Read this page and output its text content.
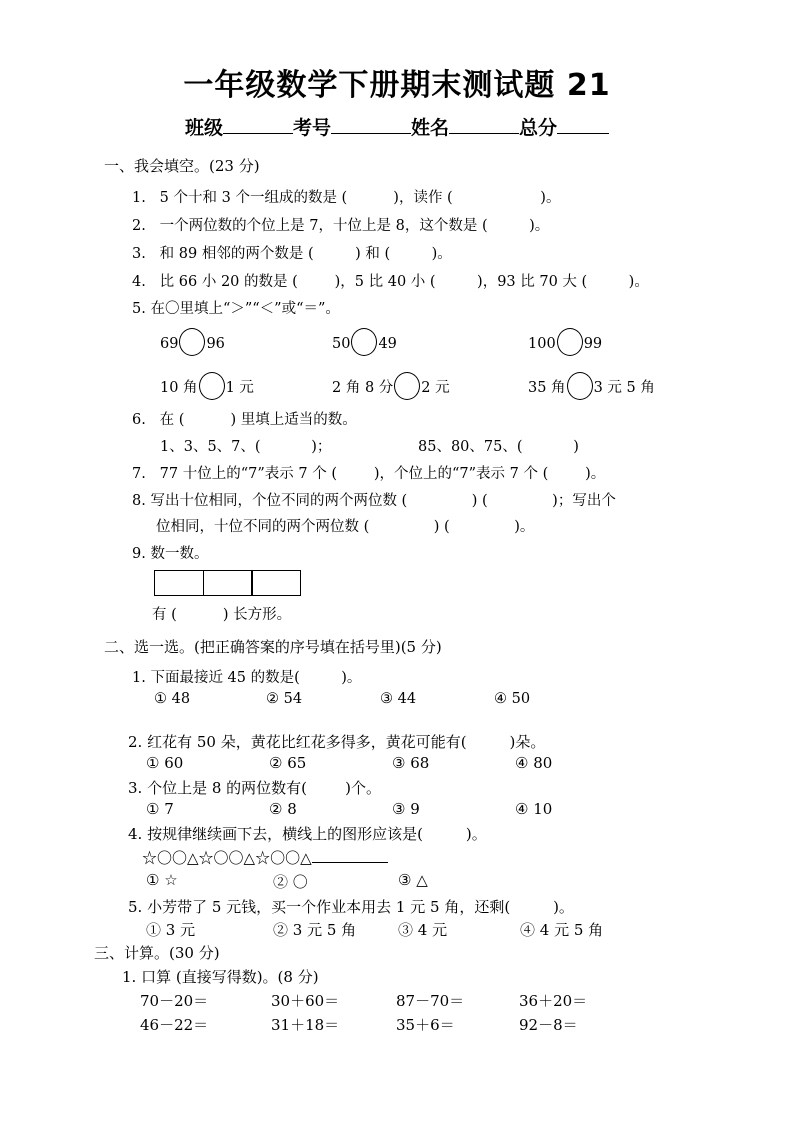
一年级数学下册期末测试题 21
班级	考号	姓名	总分
一、我会填空。(23 分)
1.   5 个十和 3 个一组成的数是 (          )，读作 (                   )。
2.   一个两位数的个位上是 7，十位上是 8，这个数是 (         )。
3.   和 89 相邻的两个数是 (         ) 和 (         )。
4.   比 66 小 20 的数是 (        )，5 比 40 小 (         )，93 比 70 大 (         )。
5. 在〇里填上“＞”“＜”或“＝”。
69 96	50 49	100 99
10 角 1 元	2 角 8 分 2 元	35 角 3 元 5 角
6.   在 (          ) 里填上适当的数。
1、3、5、7、(           )；	85、80、75、(           )
7.   77 十位上的“7”表示 7 个 (        )，个位上的“7”表示 7 个 (        )。
8. 写出十位相同，个位不同的两个两位数 (              ) (              )；写出个
位相同，十位不同的两个两位数 (              ) (              )。
9. 数一数。
有 (          ) 长方形。
二、选一选。(把正确答案的序号填在括号里)(5 分)
1. 下面最接近 45 的数是(         )。
① 48	② 54	③ 44	④ 50
2. 红花有 50 朵，黄花比红花多得多，黄花可能有(         )朵。
① 60	② 65	③ 68	④ 80
3. 个位上是 8 的两位数有(        )个。
① 7	② 8	③ 9	④ 10
4. 按规律继续画下去，横线上的图形应该是(         )。
☆〇〇△☆〇〇△☆〇〇△
① ☆	② 〇	③ △
5. 小芳带了 5 元钱，买一个作业本用去 1 元 5 角，还剩(         )。
① 3 元	② 3 元 5 角	③ 4 元	④ 4 元 5 角
三、计算。(30 分)
1. 口算 (直接写得数)。(8 分)
70－20＝	30＋60＝	87－70＝	36＋20＝
46－22＝	31＋18＝	35＋6＝	92－8＝
